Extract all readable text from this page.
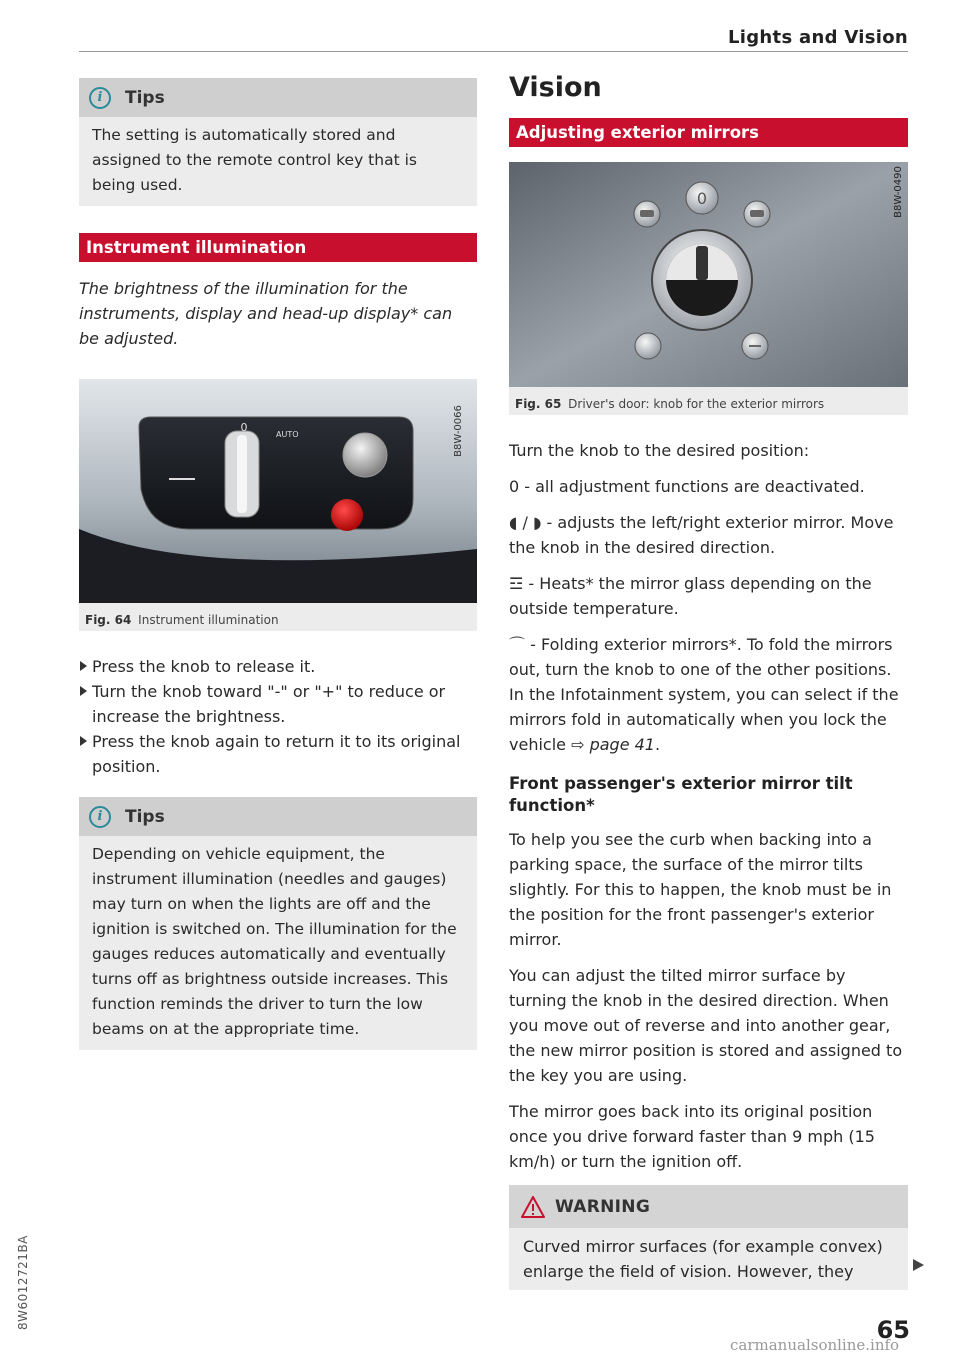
Lights and Vision
i	Tips
The setting is automatically stored and assigned to the remote control key that is being used.
Instrument illumination

The brightness of the illumination for the instruments, display and head-up display* can be adjusted.

0
AUTO	B8W-0066
Fig. 64 Instrument illumination
Press the knob to release it.
Turn the knob toward "-" or "+" to reduce or increase the brightness.
Press the knob again to return it to its original position.
i	Tips
Depending on vehicle equipment, the instrument illumination (needles and gauges) may turn on when the lights are off and the ignition is switched on. The illumination for the gauges reduces automatically and eventually turns off as brightness outside increases. This function reminds the driver to turn the low beams on at the appropriate time.
Vision
Adjusting exterior mirrors
0	B8W-0490
Fig. 65 Driver's door: knob for the exterior mirrors

Turn the knob to the desired position:

0 - all adjustment functions are deactivated.

◖ / ◗ - adjusts the left/right exterior mirror. Move the knob in the desired direction.

☲ - Heats* the mirror glass depending on the outside temperature.

⌒ - Folding exterior mirrors*. To fold the mirrors out, turn the knob to one of the other positions. In the Infotainment system, you can select if the mirrors fold in automatically when you lock the vehicle ⇨ page 41.

Front passenger's exterior mirror tilt function*

To help you see the curb when backing into a parking space, the surface of the mirror tilts slightly. For this to happen, the knob must be in the position for the front passenger's exterior mirror.

You can adjust the tilted mirror surface by turning the knob in the desired direction. When you move out of reverse and into another gear, the new mirror position is stored and assigned to the key you are using.

The mirror goes back into its original position once you drive forward faster than 9 mph (15 km/h) or turn the ignition off.

WARNING
Curved mirror surfaces (for example convex) enlarge the field of vision. However, they
65
8W6012721BA
carmanualsonline.info
